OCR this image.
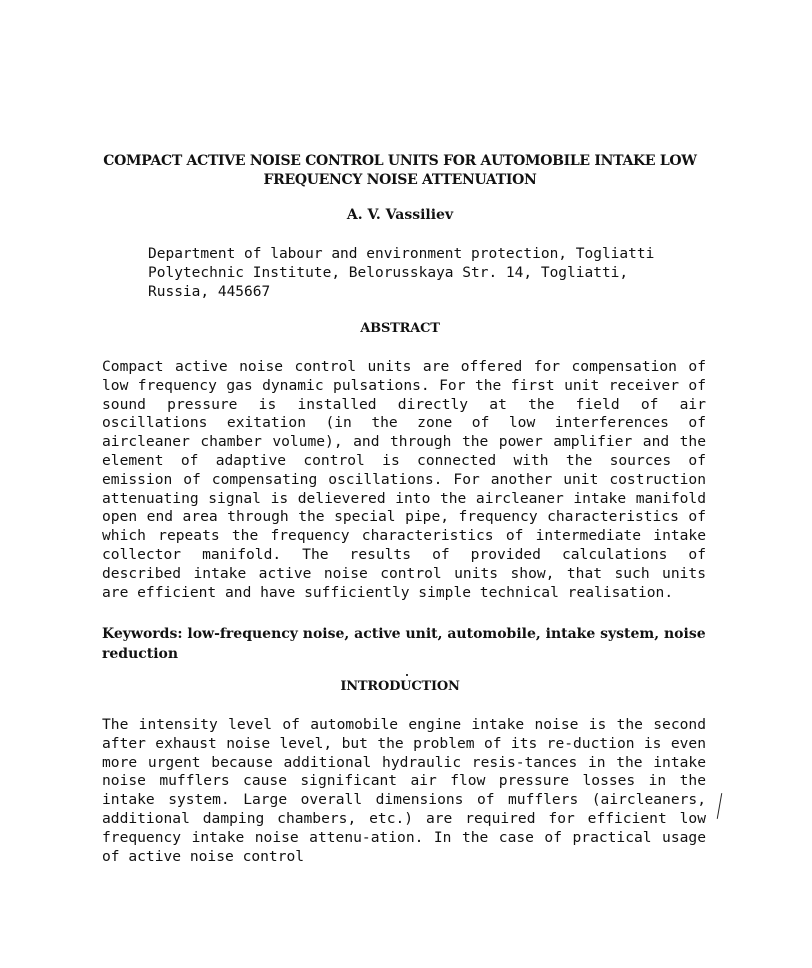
COMPACT ACTIVE NOISE CONTROL UNITS FOR AUTOMOBILE INTAKE LOW FREQUENCY NOISE ATTENUATION
A. V. Vassiliev
Department of labour and environment protection, Togliatti
Polytechnic Institute, Belorusskaya Str. 14, Togliatti,
Russia, 445667
ABSTRACT
Compact active noise control units are offered for compensation of low frequency gas dynamic pulsations. For the first unit receiver of sound pressure is installed directly at the field of air oscillations exitation (in the zone of low interferences of aircleaner chamber volume), and through the power amplifier and the element of adaptive control is connected with the sources of emission of compensating oscillations. For another unit costruction attenuating signal is delievered into the aircleaner intake manifold open end area through the special pipe, frequency characteristics of which repeats the frequency characteristics of intermediate intake collector manifold. The results of provided calculations of described intake active noise control units show, that such units are efficient and have sufficiently simple technical realisation.
Keywords: low-frequency noise, active unit, automobile, intake system, noise reduction
INTRODUCTION
The intensity level of automobile engine intake noise is the second after exhaust noise level, but the problem of its re-duction is even more urgent because additional hydraulic resis-tances in the intake noise mufflers cause significant air flow pressure losses in the intake system. Large overall dimensions of mufflers (aircleaners, additional damping chambers, etc.) are required for efficient low frequency intake noise attenu-ation. In the case of practical usage of active noise control
